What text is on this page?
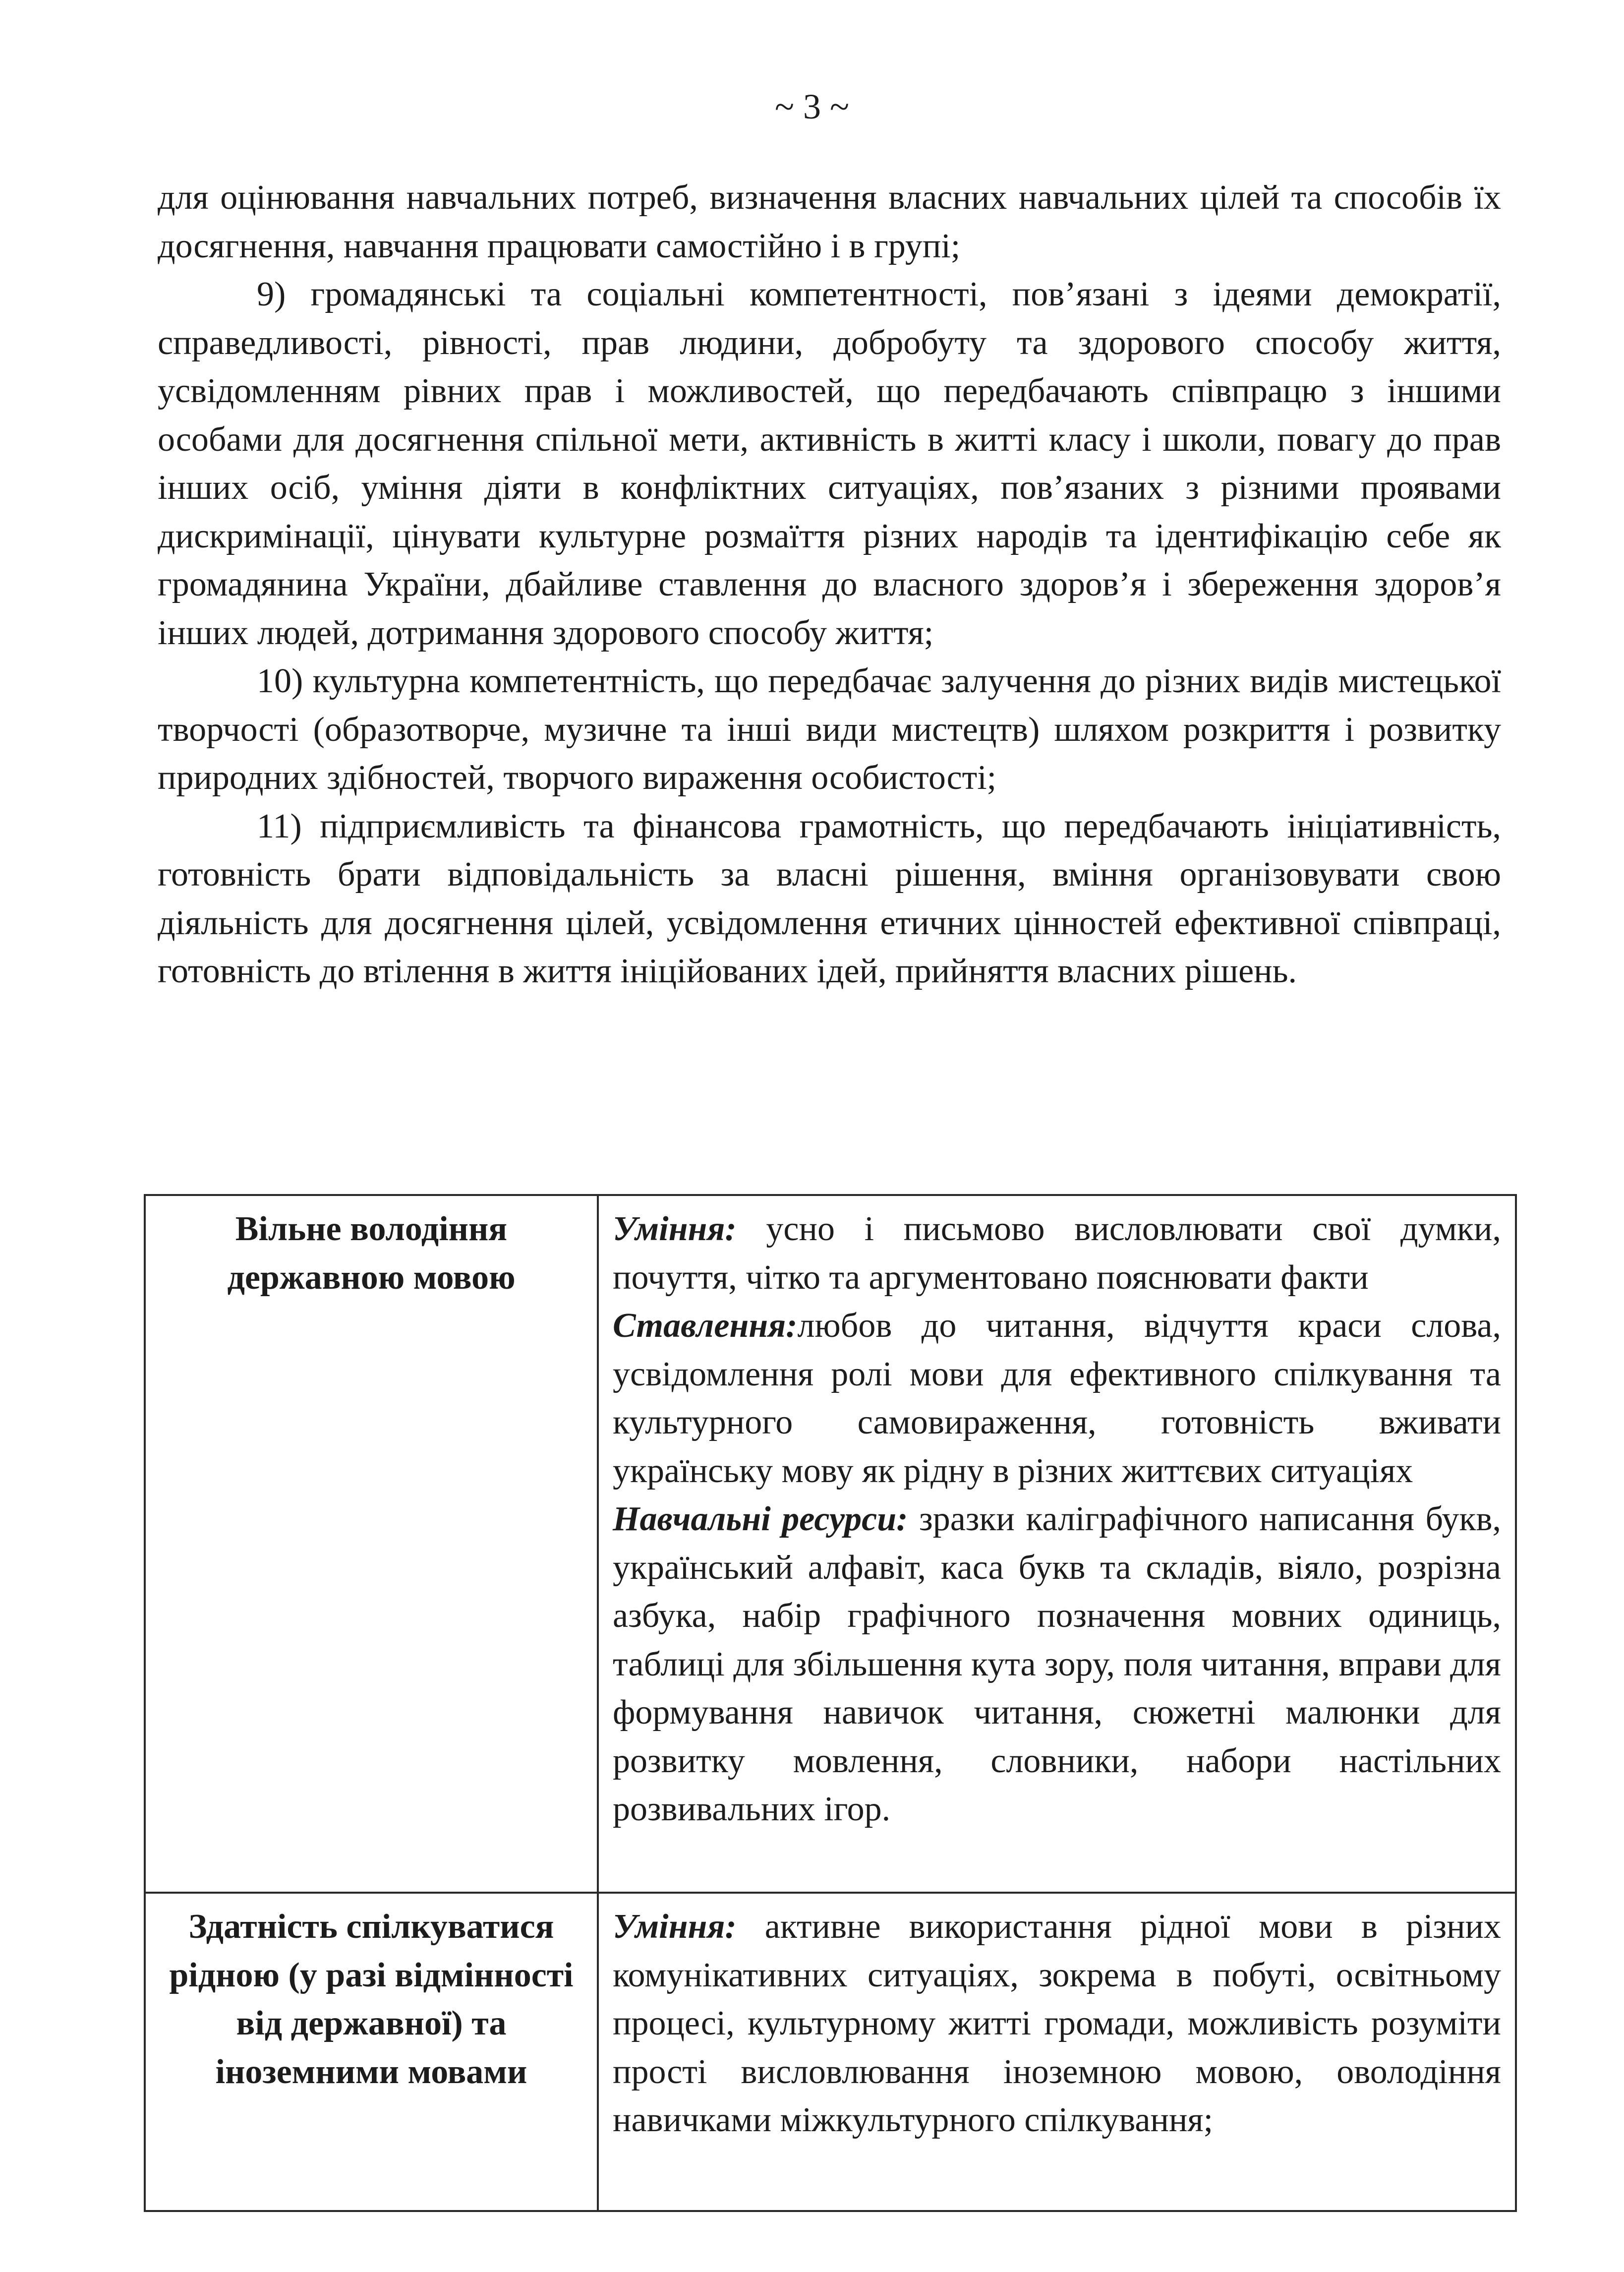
~ 3 ~

для оцінювання навчальних потреб, визначення власних навчальних цілей та способів їх досягнення, навчання працювати самостійно і в групі;

9) громадянські та соціальні компетентності, пов’язані з ідеями демократії, справедливості, рівності, прав людини, добробуту та здорового способу життя, усвідомленням рівних прав і можливостей, що передбачають співпрацю з іншими особами для досягнення спільної мети, активність в житті класу і школи, повагу до прав інших осіб, уміння діяти в конфліктних ситуаціях, пов’язаних з різними проявами дискримінації, цінувати культурне розмаїття різних народів та ідентифікацію себе як громадянина України, дбайливе ставлення до власного здоров’я і збереження здоров’я інших людей, дотримання здорового способу життя;

10) культурна компетентність, що передбачає залучення до різних видів мистецької творчості (образотворче, музичне та інші види мистецтв) шляхом розкриття і розвитку природних здібностей, творчого вираження особистості;

11) підприємливість та фінансова грамотність, що передбачають ініціативність, готовність брати відповідальність за власні рішення, вміння організовувати свою діяльність для досягнення цілей, усвідомлення етичних цінностей ефективної співпраці, готовність до втілення в життя ініційованих ідей, прийняття власних рішень.

Вільне володіння державною мовою	Уміння: усно і письмово висловлювати свої думки, почуття, чітко та аргументовано пояснювати факти

Ставлення:любов до читання, відчуття краси слова, усвідомлення ролі мови для ефективного спілкування та культурного самовираження, готовність вживати українську мову як рідну в різних життєвих ситуаціях

Навчальні ресурси: зразки каліграфічного написання букв, український алфавіт, каса букв та складів, віяло, розрізна азбука, набір графічного позначення мовних одиниць, таблиці для збільшення кута зору, поля читання, вправи для формування навичок читання, сюжетні малюнки для розвитку мовлення, словники, набори настільних розвивальних ігор.

Здатність спілкуватися рідною (у разі відмінності від державної) та іноземними мовами	Уміння: активне використання рідної мови в різних комунікативних ситуаціях, зокрема в побуті, освітньому процесі, культурному житті громади, можливість розуміти прості висловлювання іноземною мовою, оволодіння навичками міжкультурного спілкування;
